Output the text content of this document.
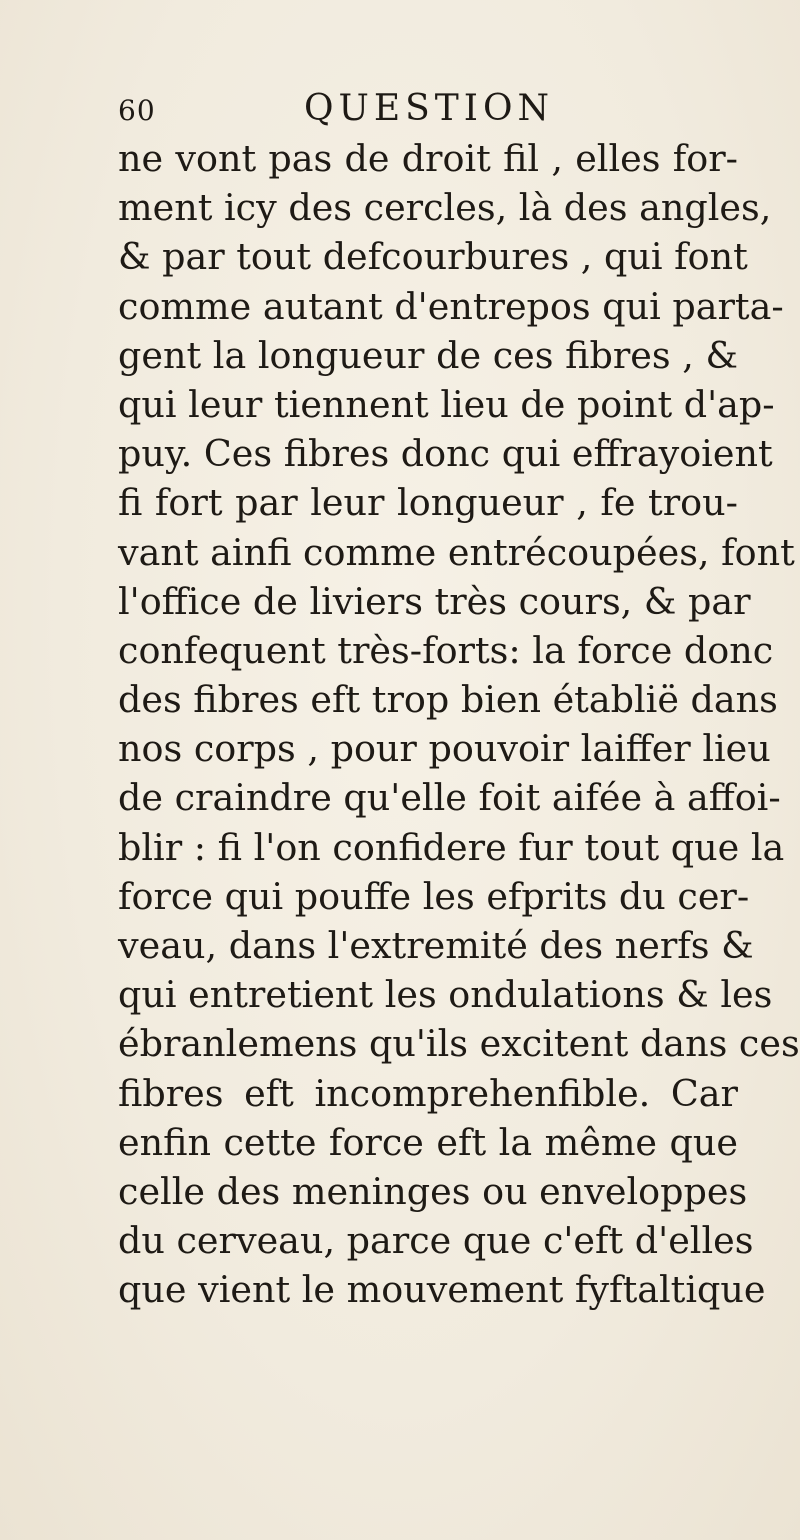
60	QUESTION
ne vont pas de droit fil , elles for-
ment icy des cercles, là des angles,
& par tout defcourbures , qui font
comme autant d'entrepos qui parta-
gent la longueur de ces fibres , &
qui leur tiennent lieu de point d'ap-
puy. Ces fibres donc qui effrayoient
fi fort par leur longueur , fe trou-
vant ainfi comme entrécoupées, font
l'office de liviers très cours, & par
confequent très-forts: la force donc
des fibres eft trop bien établië dans
nos corps , pour pouvoir laiffer lieu
de craindre qu'elle foit aifée à affoi-
blir : fi l'on confidere fur tout que la
force qui pouffe les efprits du cer-
veau, dans l'extremité des nerfs &
qui entretient les ondulations & les
ébranlemens qu'ils excitent dans ces
fibres eft incomprehenfible. Car
enfin cette force eft la même que
celle des meninges ou enveloppes
du cerveau, parce que c'eft d'elles
que vient le mouvement fyftaltique
